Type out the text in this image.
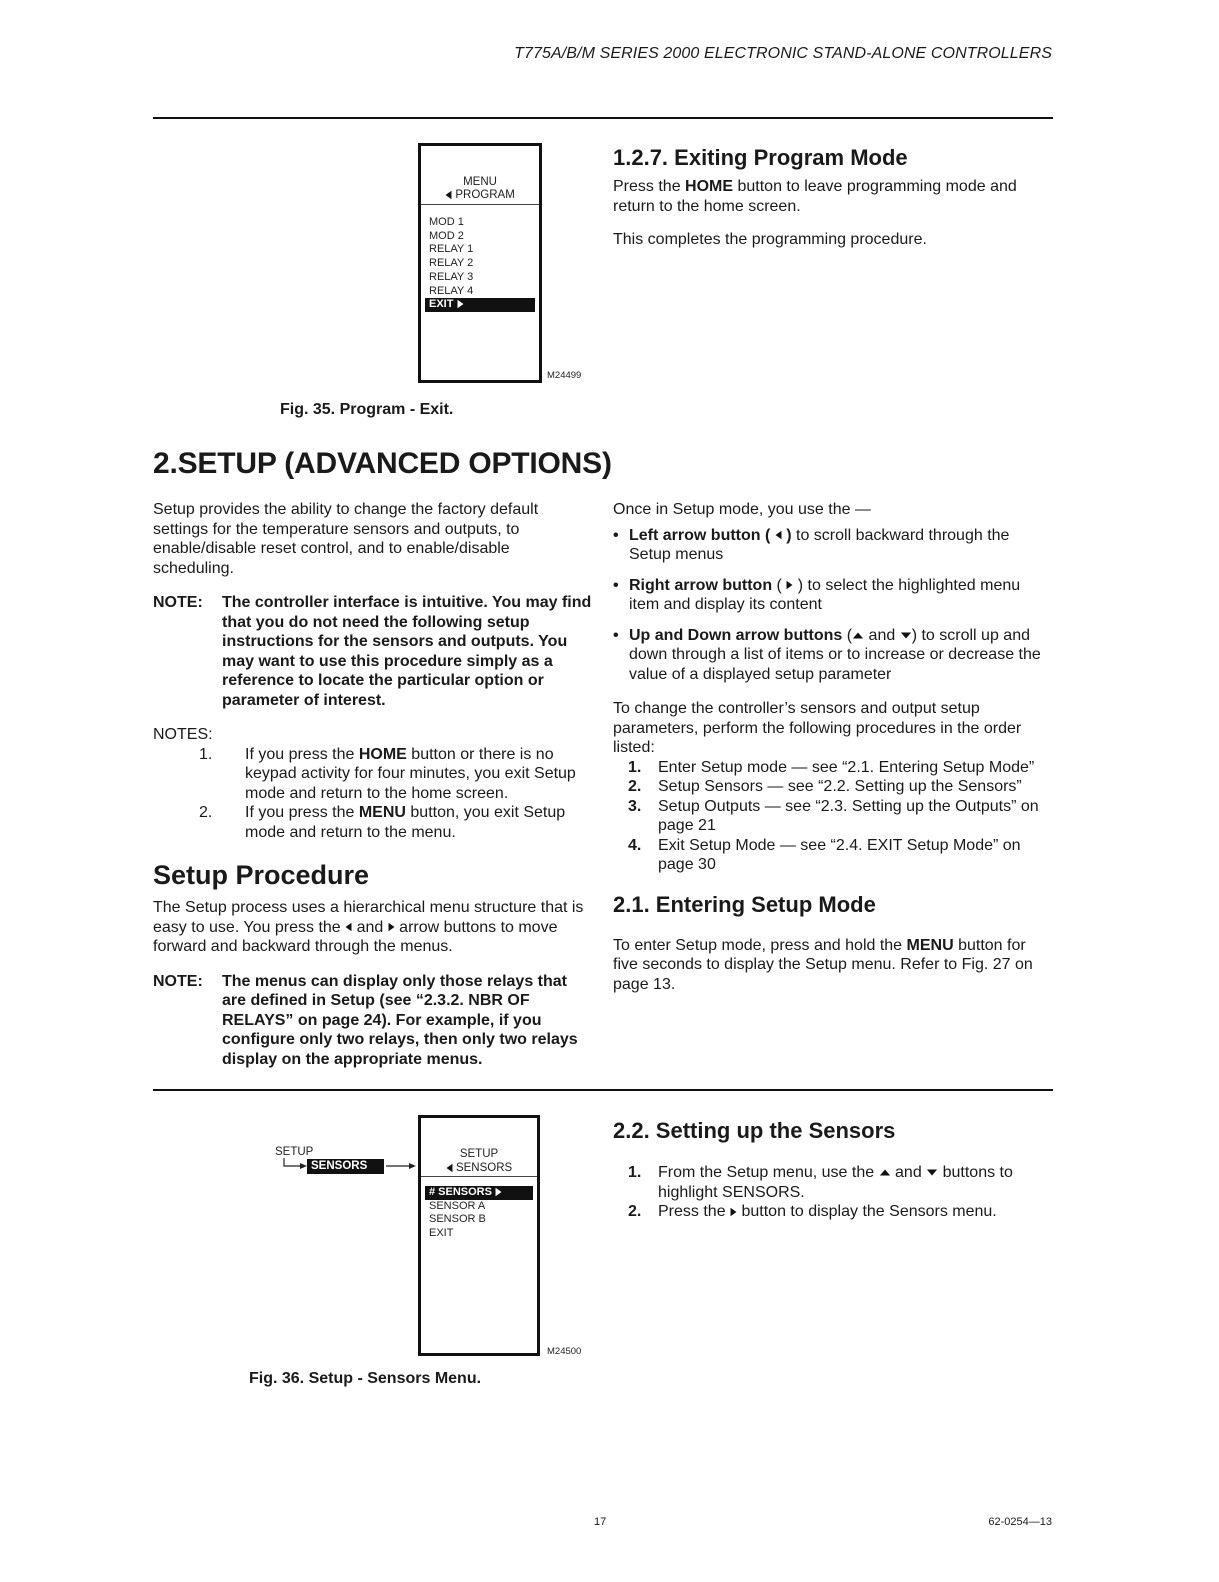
T775A/B/M SERIES 2000 ELECTRONIC STAND-ALONE CONTROLLERS
MENU
PROGRAM
MOD 1
MOD 2
RELAY 1
RELAY 2
RELAY 3
RELAY 4
EXIT
M24499
Fig. 35. Program - Exit.
1.2.7. Exiting Program Mode

Press the HOME button to leave programming mode and return to the home screen.

This completes the programming procedure.

2.SETUP (ADVANCED OPTIONS)

Setup provides the ability to change the factory default settings for the temperature sensors and outputs, to enable/disable reset control, and to enable/disable scheduling.

NOTE:	The controller interface is intuitive. You may find that you do not need the following setup instructions for the sensors and outputs. You may want to use this procedure simply as a reference to locate the particular option or parameter of interest.

NOTES:

1.	If you press the HOME button or there is no keypad activity for four minutes, you exit Setup mode and return to the home screen.
2.	If you press the MENU button, you exit Setup mode and return to the menu.
Setup Procedure

The Setup process uses a hierarchical menu structure that is easy to use. You press the  and  arrow buttons to move forward and backward through the menus.

NOTE:	The menus can display only those relays that are defined in Setup (see “2.3.2. NBR OF RELAYS” on page 24). For example, if you configure only two relays, then only two relays display on the appropriate menus.

Once in Setup mode, you use the —

• Left arrow button ( ) to scroll backward through the Setup menus
• Right arrow button ( ) to select the highlighted menu item and display its content
• Up and Down arrow buttons ( and ) to scroll up and down through a list of items or to increase or decrease the value of a displayed setup parameter

To change the controller’s sensors and output setup parameters, perform the following procedures in the order listed:

1.	Enter Setup mode — see “2.1. Entering Setup Mode”
2.	Setup Sensors — see “2.2. Setting up the Sensors”
3.	Setup Outputs — see “2.3. Setting up the Outputs” on page 21
4.	Exit Setup Mode — see “2.4. EXIT Setup Mode” on page 30
2.1. Entering Setup Mode

To enter Setup mode, press and hold the MENU button for five seconds to display the Setup menu. Refer to Fig. 27 on page 13.

SETUP
SENSORS
SETUP
SENSORS
# SENSORS
SENSOR A
SENSOR B
EXIT
M24500
Fig. 36. Setup - Sensors Menu.
2.2. Setting up the Sensors
1.	From the Setup menu, use the  and  buttons to highlight SENSORS.
2.	Press the  button to display the Sensors menu.
17	62-0254—13
